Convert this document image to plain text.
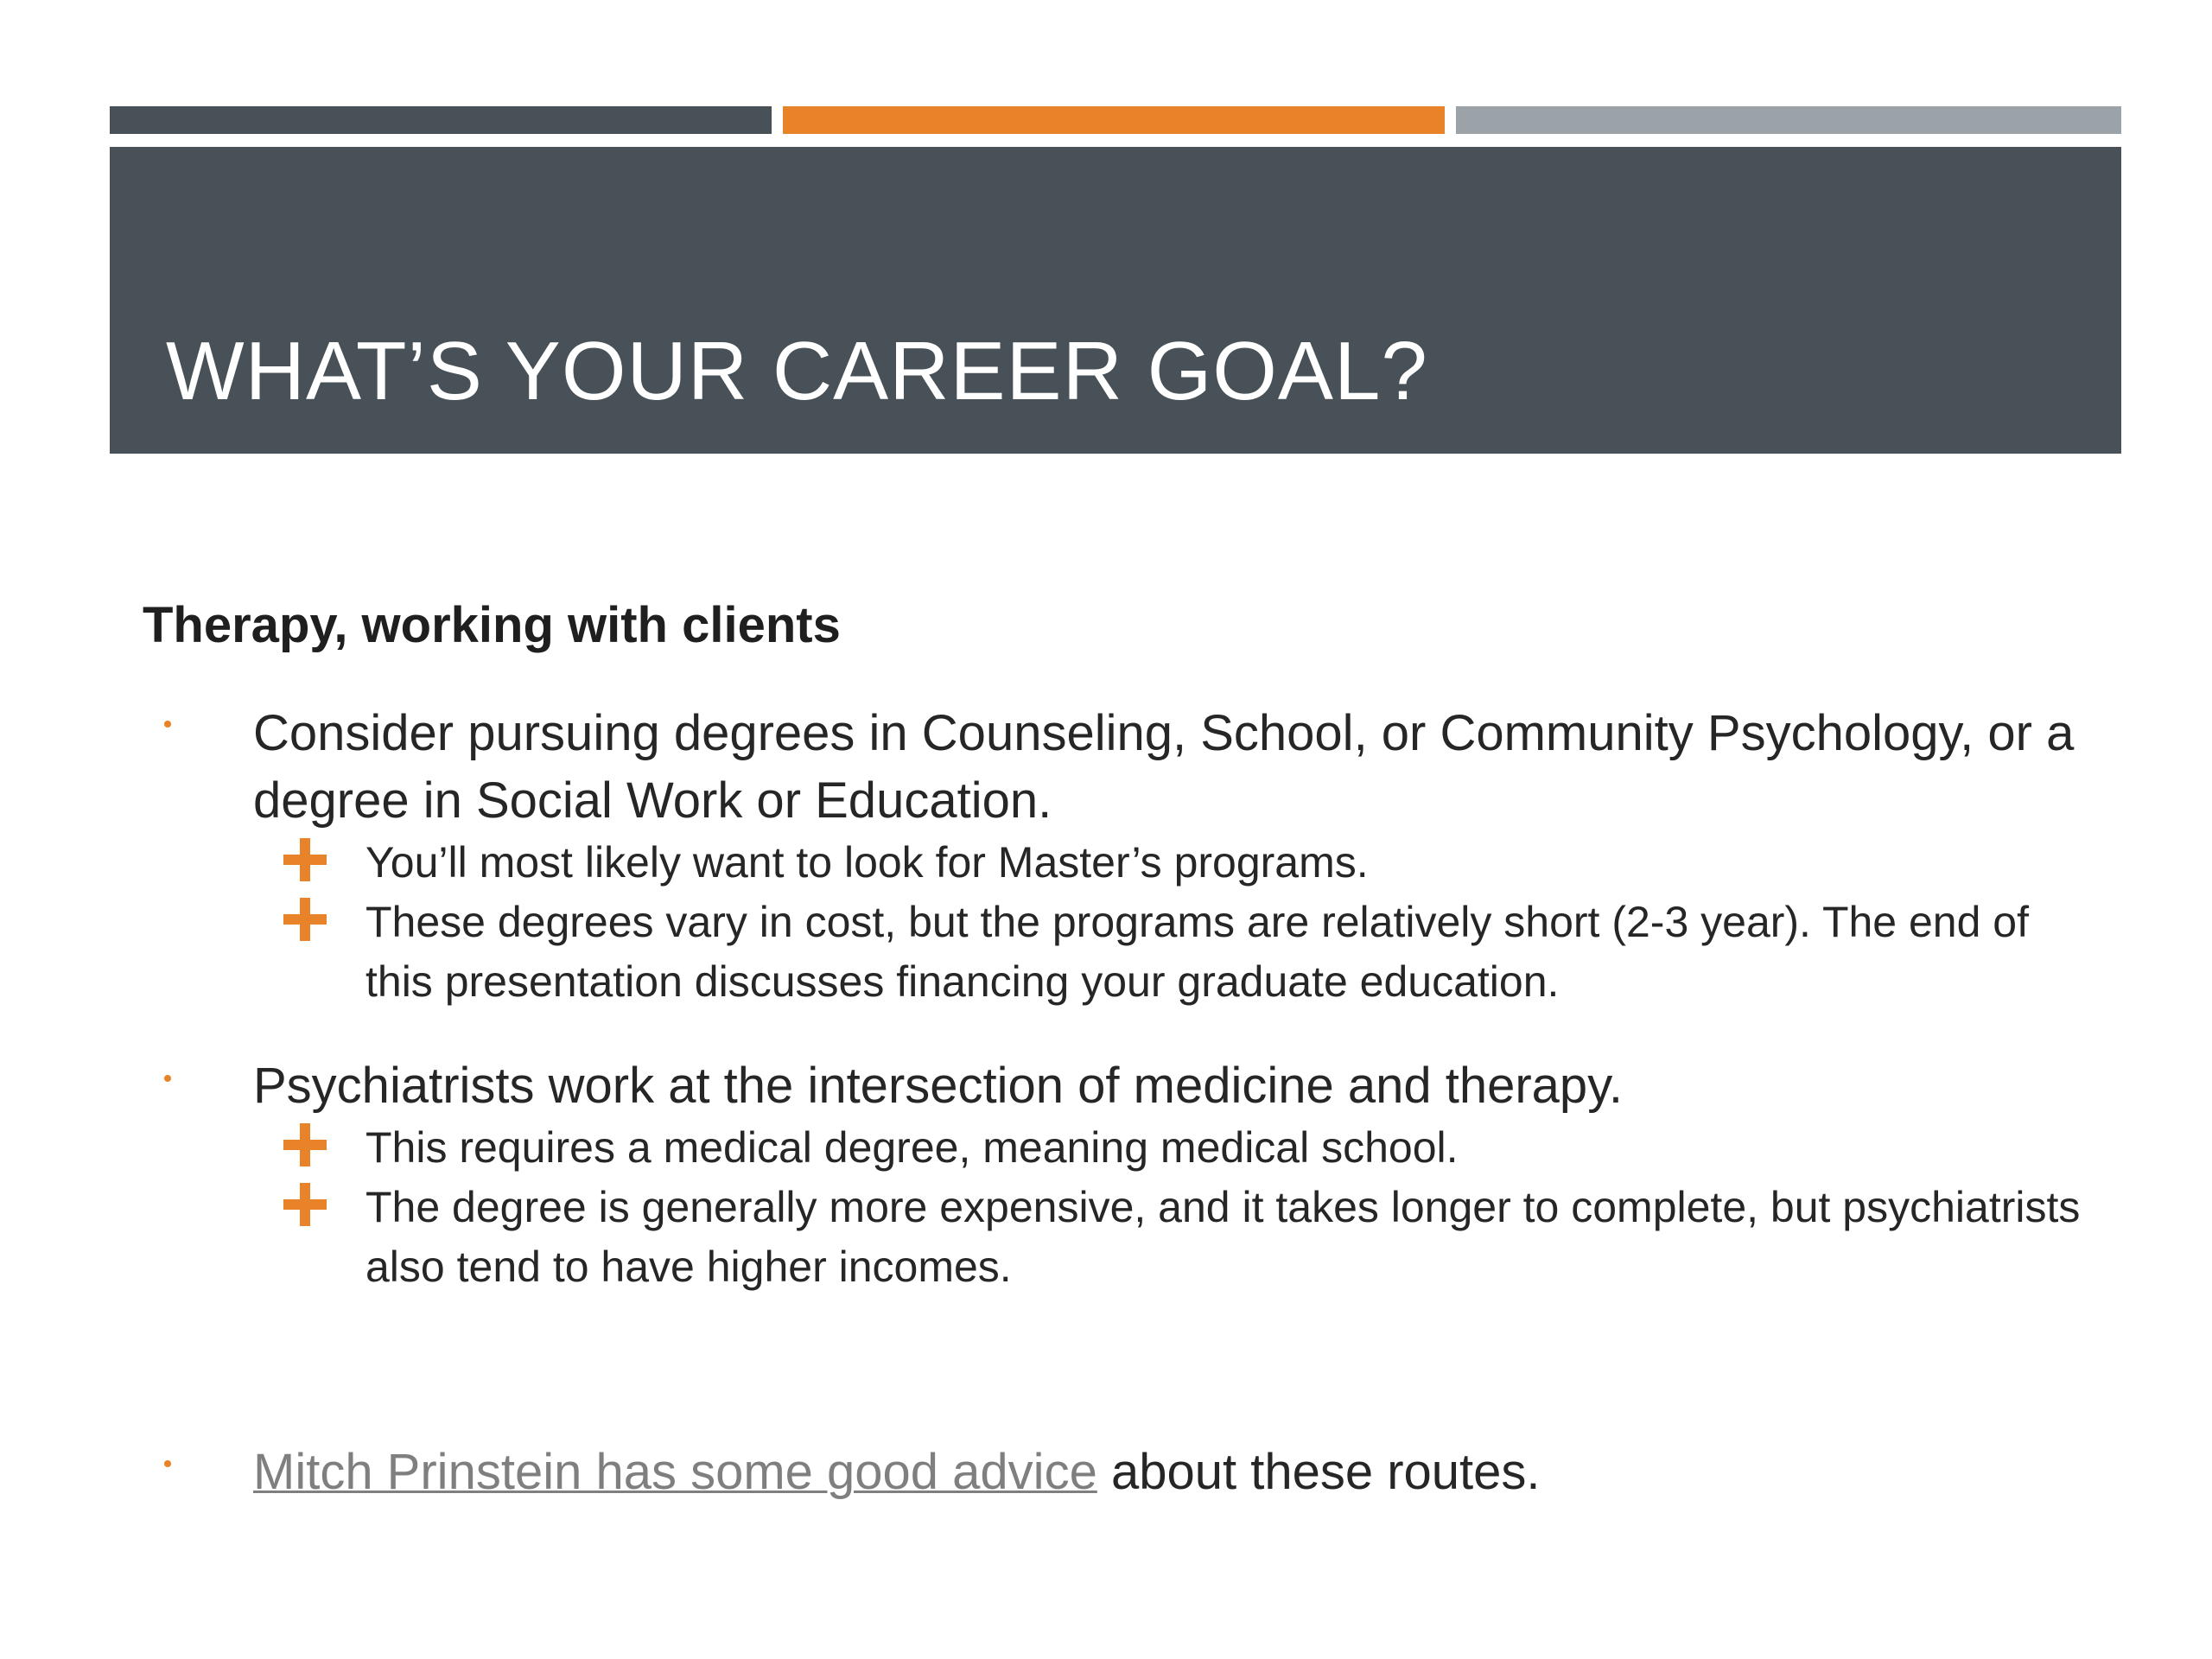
WHAT’S YOUR CAREER GOAL?
Therapy, working with clients
Consider pursuing degrees in Counseling, School, or Community Psychology, or a degree in Social Work or Education.
You’ll most likely want to look for Master’s programs.
These degrees vary in cost, but the programs are relatively short (2-3 year). The end of this presentation discusses financing your graduate education.
Psychiatrists work at the intersection of medicine and therapy.
This requires a medical degree, meaning medical school.
The degree is generally more expensive, and it takes longer to complete, but psychiatrists also tend to have higher incomes.
Mitch Prinstein has some good advice about these routes.
